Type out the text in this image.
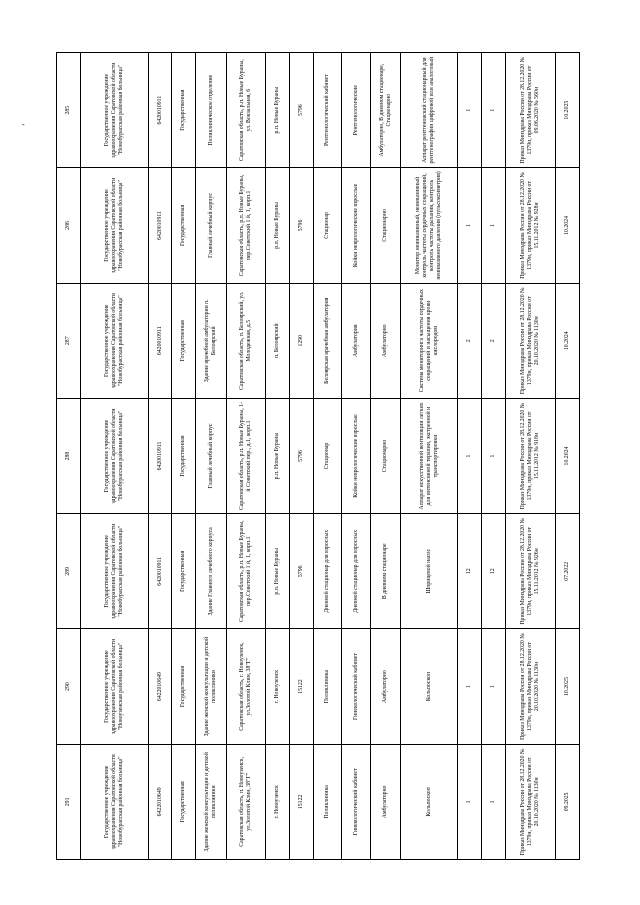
-
291	290	289	288	287	286	285
Государственное учреждение здравоохранения Саратовской области "Новобурасская районная больница"	Государственное учреждение здравоохранения Саратовской области "Новоузенская районная больница"	Государственное учреждение здравоохранения Саратовской области "Новобурасская районная больница"	Государственное учреждение здравоохранения Саратовской области "Новобурасская районная больница"	Государственное учреждение здравоохранения Саратовской области "Новобурасская районная больница"	Государственное учреждение здравоохранения Саратовской области "Новобурасская районная больница"	Государственное учреждение здравоохранения Саратовской области "Новобурасская районная больница"
6422010649	6422010649	6420010911	6420010911	6420010911	6420010911	6420010911
Государственная	Государственная	Государственная	Государственная	Государственная	Государственная	Государственная
Здание женской консультации и детской поликлиники	Здание женской консультации и детской поликлиники	Здание Главного лечебного корпуса	Главный лечебный корпус	Здание врачебной амбулатории п. Белоярский	Главный лечебный корпус	Поликлиническое отделение
Саратовская область, п. Новоузенск, ул.Золотой Клин, 38"Г"	Саратовская область, г. Новоузенск, ул.Золотой Клин, 38"Г"	Саратовская область, р.п. Новые Бураны, пер.Советский 1 й, 1, корп.1	Саратовская область, р.п. Новые Бураны, 1-й Советский пер., д.1, корп.1	Саратовская область, п. Белоярский, ул. Молодежная, д.5	Саратовская область, р.п. Новые Бураны, пер.Советский 1 й, 1, корп.1	Саратовская область, р.п. Новые Бураны, ул. Вокзальная, 6
г. Новоузенск	г. Новоузенск	р.п. Новые Бураны	р.п. Новые Бураны	п. Белоярский	р.п. Новые Бураны	р.п. Новые Бураны
15122	15122	5796	5796	1290	5796	5796
Поликлиника	Поликлиника	Дневной стационар для взрослых	Стационар	Белоярская врачебная амбулатория	Стационар	Рентгенологический кабинет
Гинекологический кабинет	Гинекологический кабинет	Дневной стационар для взрослых	Койки неврологические взрослые	Амбулатория	Койки неврологические взрослые	Рентгенологические
Амбулаторно	Амбулаторно	В дневном стационаре	Стационарно	Амбулаторно	Стационарно	Амбулаторно, В дневном стационаре, Стационарно
Кольпоскоп	Кольпоскоп	Шприцевой насос	Аппарат искусственной вентиляции легких для интенсивной терапии, экстренной и транспортировки	Система мониторинга частоты сердечных сокращений и насыщения крови кислородом	Монитор неинвазивный, неинвазивный контроль частоты сердечных сокращений, контроль частоты дыхания, контроль неинвазивного давления (пульсоксиметрия)	Аппарат рентгеновский стационарный для рентгенографии цифровой или аналоговый
1	1	12	1	2	1	1
1	1	12	1	2	1	1
Приказ Минздрава России от 28.12.2020 № 1379н, приказ Минздрава России от 20.10.2020 № 1130н	Приказ Минздрава России от 28.12.2020 № 1379н, приказ Минздрава России от 20.10.2020 № 1130н	Приказ Минздрава России от 28.12.2020 № 1379н, приказ Минздрава России от 15.11.2012 № 926н	Приказ Минздрава России от 28.12.2020 № 1379н, приказ Минздрава России от 15.11.2012 № 918н	Приказ Минздрава России от 28.12.2020 № 1379н, приказ Минздрава России от 20.10.2020 № 1130н	Приказ Минздрава России от 28.12.2020 № 1379н, приказ Минздрава России от 15.11.2012 № 928н	Приказ Минздрава России от 28.12.2020 № 1379н, приказ Минздрава России от 09.06.2020 № 560н
09.2025	10.2025	07.2022	10.2024	10.2024	10.2024	10.2025
